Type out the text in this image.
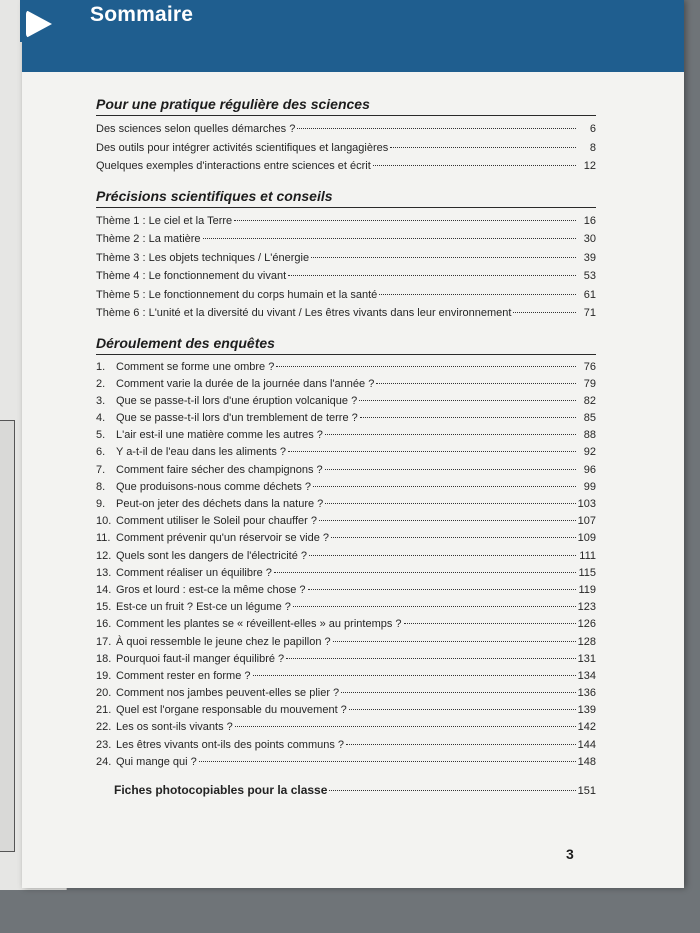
Sommaire
Pour une pratique régulière des sciences
Des sciences selon quelles démarches ?	6
Des outils pour intégrer activités scientifiques et langagières	8
Quelques exemples d'interactions entre sciences et écrit	12
Précisions scientifiques et conseils
Thème 1 : Le ciel et la Terre	16
Thème 2 : La matière	30
Thème 3 : Les objets techniques / L'énergie	39
Thème 4 : Le fonctionnement du vivant	53
Thème 5 : Le fonctionnement du corps humain et la santé	61
Thème 6 : L'unité et la diversité du vivant / Les êtres vivants dans leur environnement	71
Déroulement des enquêtes
1. Comment se forme une ombre ?	76
2. Comment varie la durée de la journée dans l'année ?	79
3. Que se passe-t-il lors d'une éruption volcanique ?	82
4. Que se passe-t-il lors d'un tremblement de terre ?	85
5. L'air est-il une matière comme les autres ?	88
6. Y a-t-il de l'eau dans les aliments ?	92
7. Comment faire sécher des champignons ?	96
8. Que produisons-nous comme déchets ?	99
9. Peut-on jeter des déchets dans la nature ?	103
10. Comment utiliser le Soleil pour chauffer ?	107
11. Comment prévenir qu'un réservoir se vide ?	109
12. Quels sont les dangers de l'électricité ?	111
13. Comment réaliser un équilibre ?	115
14. Gros et lourd : est-ce la même chose ?	119
15. Est-ce un fruit ? Est-ce un légume ?	123
16. Comment les plantes se « réveillent-elles » au printemps ?	126
17. À quoi ressemble le jeune chez le papillon ?	128
18. Pourquoi faut-il manger équilibré ?	131
19. Comment rester en forme ?	134
20. Comment nos jambes peuvent-elles se plier ?	136
21. Quel est l'organe responsable du mouvement ?	139
22. Les os sont-ils vivants ?	142
23. Les êtres vivants ont-ils des points communs ?	144
24. Qui mange qui ?	148
Fiches photocopiables pour la classe	151
3
